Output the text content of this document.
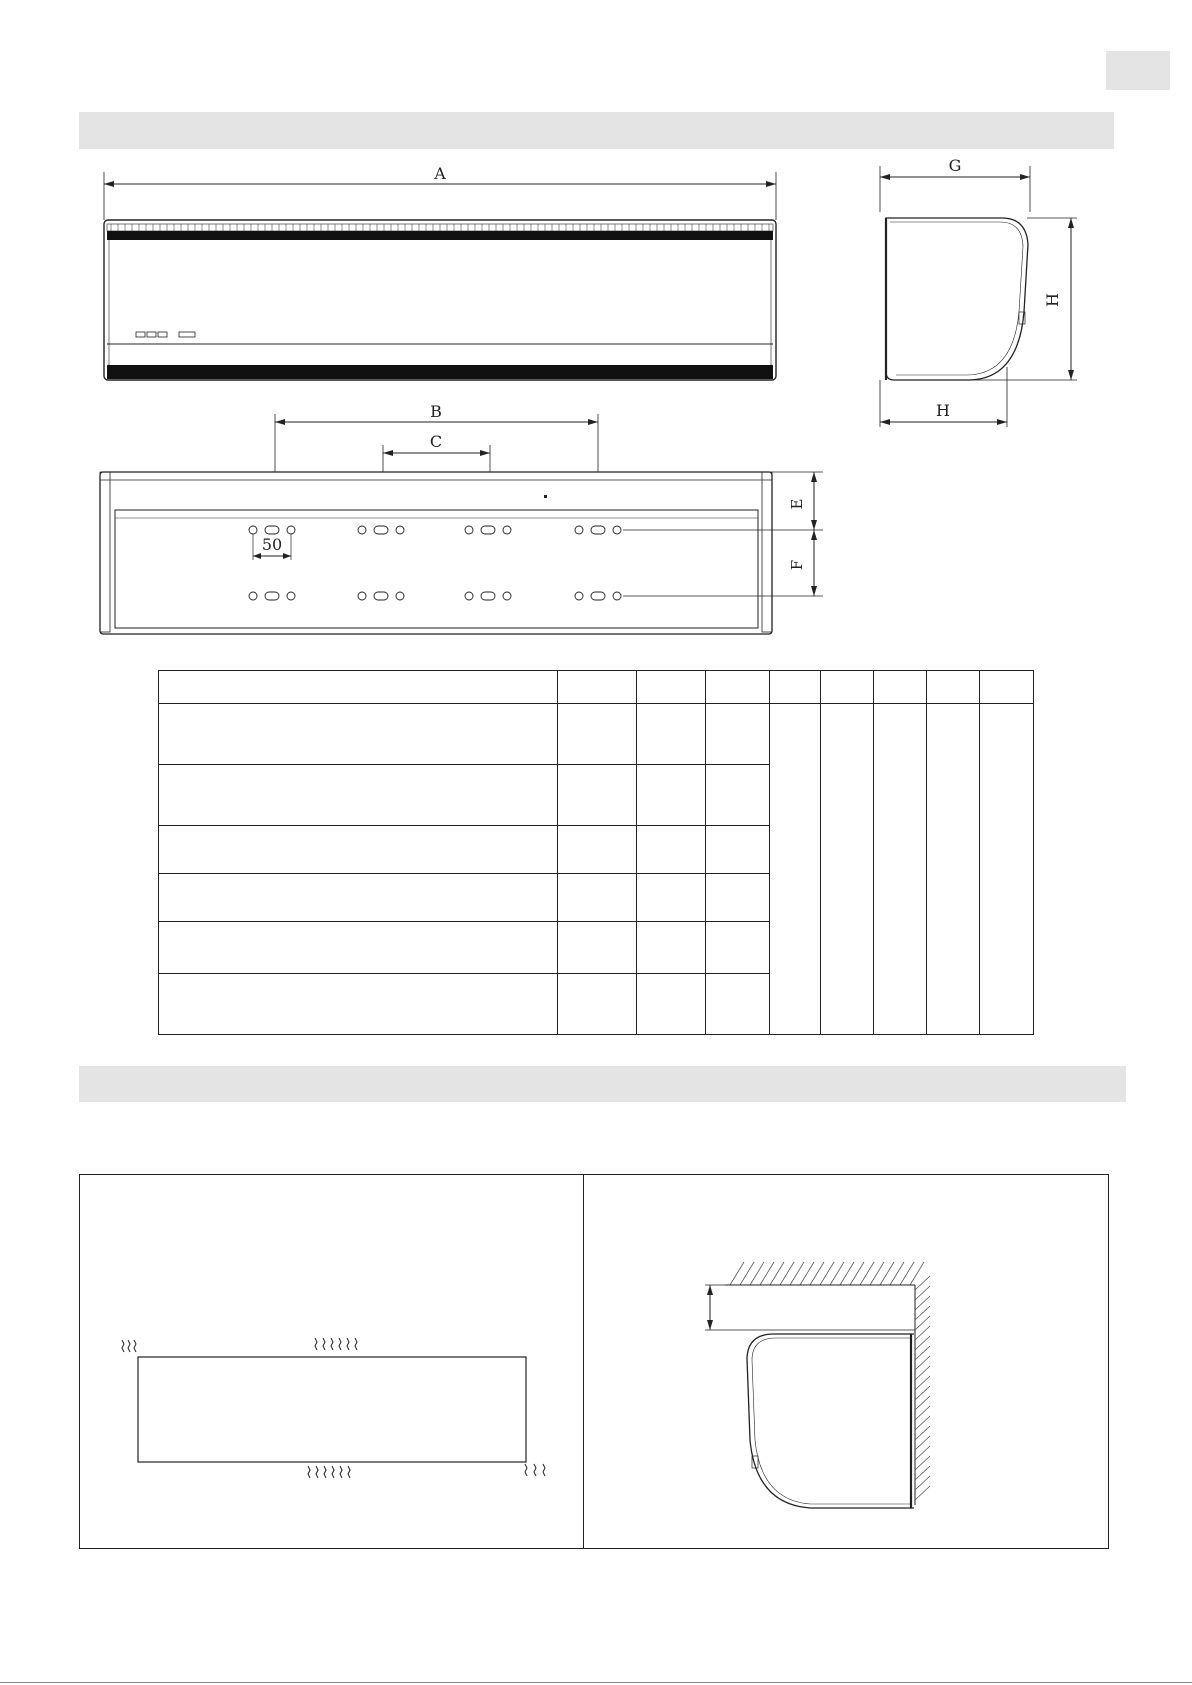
A	G
H
H
B
C
50
E
F
